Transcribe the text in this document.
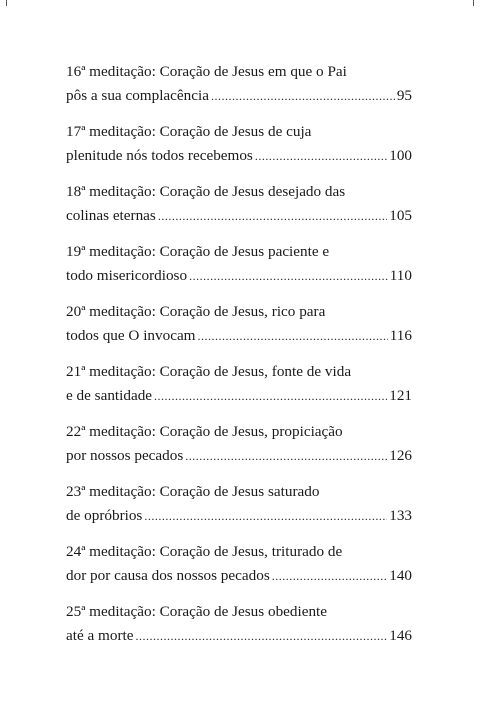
16ª meditação: Coração de Jesus em que o Pai
pôs a sua complacência .....	95
17ª meditação: Coração de Jesus de cuja
plenitude nós todos recebemos .....	100
18ª meditação: Coração de Jesus desejado das
colinas eternas .....	105
19ª meditação: Coração de Jesus paciente e
todo misericordioso .....	110
20ª meditação: Coração de Jesus, rico para
todos que O invocam .....	116
21ª meditação: Coração de Jesus, fonte de vida
e de santidade .....	121
22ª meditação: Coração de Jesus, propiciação
por nossos pecados .....	126
23ª meditação: Coração de Jesus saturado
de opróbrios .....	133
24ª meditação: Coração de Jesus, triturado de
dor por causa dos nossos pecados .....	140
25ª meditação: Coração de Jesus obediente
até a morte .....	146
